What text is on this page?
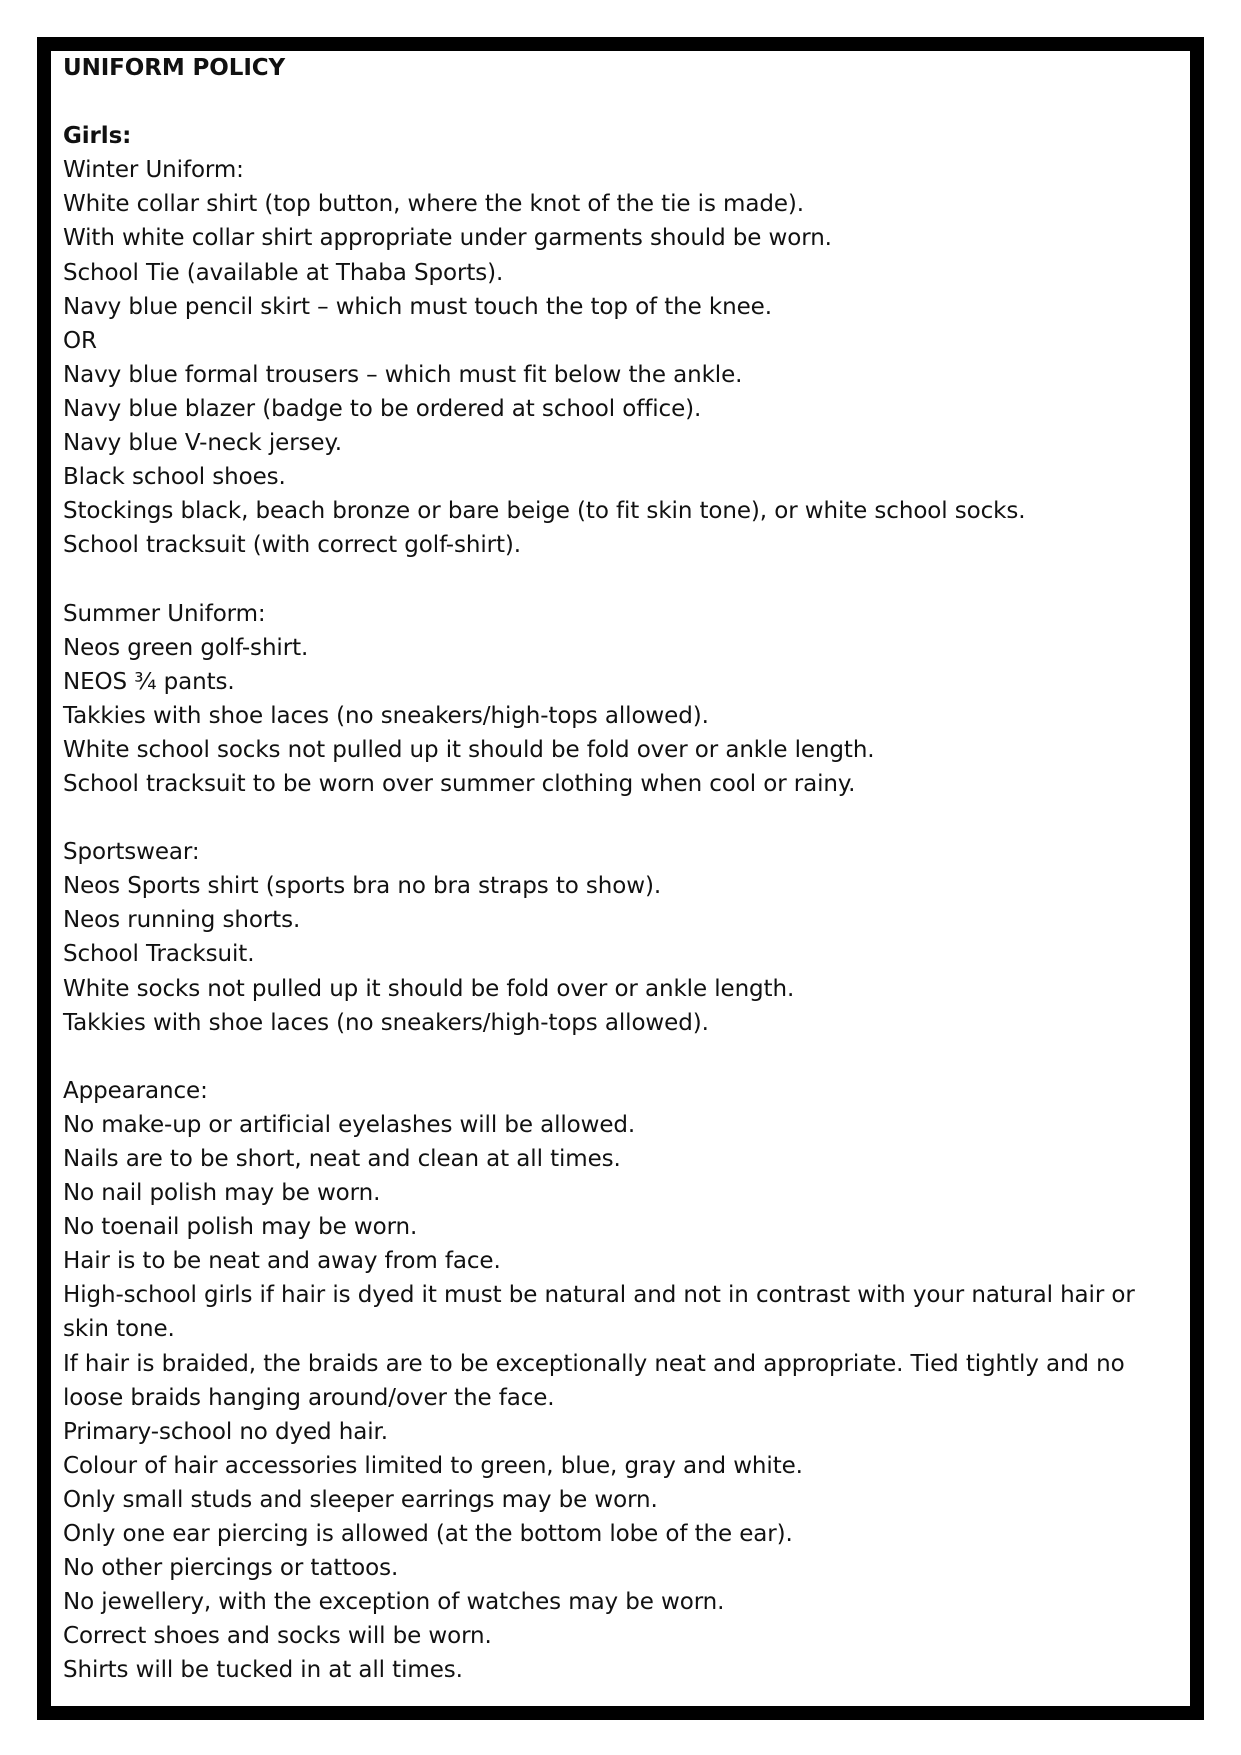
UNIFORM POLICY
Girls:
Winter Uniform:
White collar shirt (top button, where the knot of the tie is made).
With white collar shirt appropriate under garments should be worn.
School Tie (available at Thaba Sports).
Navy blue pencil skirt – which must touch the top of the knee.
OR
Navy blue formal trousers – which must fit below the ankle.
Navy blue blazer (badge to be ordered at school office).
Navy blue V-neck jersey.
Black school shoes.
Stockings black, beach bronze or bare beige (to fit skin tone), or white school socks.
School tracksuit (with correct golf-shirt).
Summer Uniform:
Neos green golf-shirt.
NEOS ¾ pants.
Takkies with shoe laces (no sneakers/high-tops allowed).
White school socks not pulled up it should be fold over or ankle length.
School tracksuit to be worn over summer clothing when cool or rainy.
Sportswear:
Neos Sports shirt (sports bra no bra straps to show).
Neos running shorts.
School Tracksuit.
White socks not pulled up it should be fold over or ankle length.
Takkies with shoe laces (no sneakers/high-tops allowed).
Appearance:
No make-up or artificial eyelashes will be allowed.
Nails are to be short, neat and clean at all times.
No nail polish may be worn.
No toenail polish may be worn.
Hair is to be neat and away from face.
High-school girls if hair is dyed it must be natural and not in contrast with your natural hair or skin tone.
If hair is braided, the braids are to be exceptionally neat and appropriate. Tied tightly and no loose braids hanging around/over the face.
Primary-school no dyed hair.
Colour of hair accessories limited to green, blue, gray and white.
Only small studs and sleeper earrings may be worn.
Only one ear piercing is allowed (at the bottom lobe of the ear).
No other piercings or tattoos.
No jewellery, with the exception of watches may be worn.
Correct shoes and socks will be worn.
Shirts will be tucked in at all times.
